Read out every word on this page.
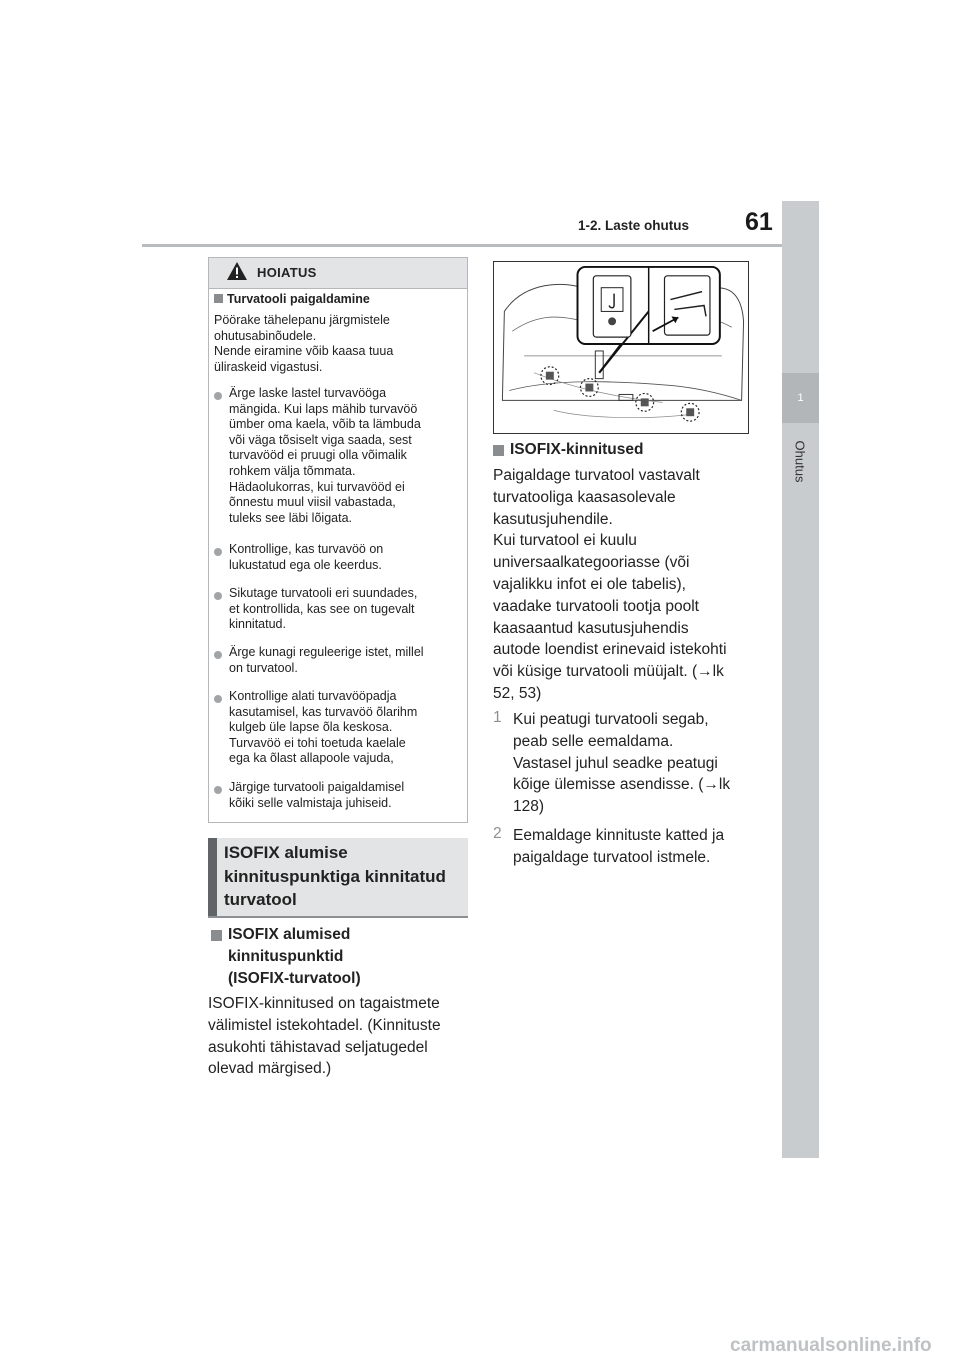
1-2. Laste ohutus 61
1
Ohutus
HOIATUS
Turvatooli paigaldamine
Pöörake tähelepanu järgmistele
ohutusabinõudele.
Nende eiramine võib kaasa tuua
üliraskeid vigastusi.
Ärge laske lastel turvavööga
mängida. Kui laps mähib turvavöö
ümber oma kaela, võib ta lämbuda
või väga tõsiselt viga saada, sest
turvavööd ei pruugi olla võimalik
rohkem välja tõmmata.
Hädaolukorras, kui turvavööd ei
õnnestu muul viisil vabastada,
tuleks see läbi lõigata.
Kontrollige, kas turvavöö on
lukustatud ega ole keerdus.
Sikutage turvatooli eri suundades,
et kontrollida, kas see on tugevalt
kinnitatud.
Ärge kunagi reguleerige istet, millel
on turvatool.
Kontrollige alati turvavööpadja
kasutamisel, kas turvavöö õlarihm
kulgeb üle lapse õla keskosa.
Turvavöö ei tohi toetuda kaelale
ega ka õlast allapoole vajuda,
Järgige turvatooli paigaldamisel
kõiki selle valmistaja juhiseid.
ISOFIX alumise
kinnituspunktiga kinnitatud
turvatool
ISOFIX alumised
kinnituspunktid
(ISOFIX-turvatool)
ISOFIX-kinnitused on tagaistmete
välimistel istekohtadel. (Kinnituste
asukohti tähistavad seljatugedel
olevad märgised.)
ISOFIX-kinnitused
Paigaldage turvatool vastavalt
turvatooliga kaasasolevale
kasutusjuhendile.
Kui turvatool ei kuulu
universaalkategooriasse (või
vajalikku infot ei ole tabelis),
vaadake turvatooli tootja poolt
kaasaantud kasutusjuhendis
autode loendist erinevaid istekohti
või küsige turvatooli müüjalt. (→lk
52, 53)
1 Kui peatugi turvatooli segab,
peab selle eemaldama.
Vastasel juhul seadke peatugi
kõige ülemisse asendisse. (→lk
128)
2 Eemaldage kinnituste katted ja
paigaldage turvatool istmele.
carmanualsonline.info
